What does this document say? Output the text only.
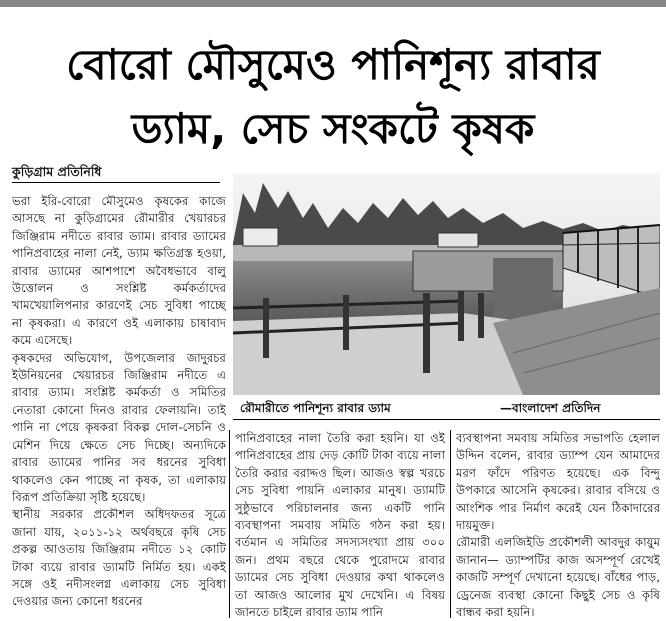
বোরো মৌসুমেও পানিশূন্য রাবার
ড্যাম, সেচ সংকটে কৃষক
কুড়িগ্রাম প্রতিনিধি

ভরা ইরি-বোরো মৌসুমেও কৃষকের কাজে আসছে না কুড়িগ্রামের রৌমারীর খেয়ারচর জিঞ্জিরাম নদীতে রাবার ড্যাম। রাবার ড্যামের পানিপ্রবাহের নালা নেই, ড্যাম ক্ষতিগ্রস্ত হওয়া, রাবার ড্যামের আশপাশে অবৈধভাবে বালু উত্তোলন ও সংশ্লিষ্ট কর্মকর্তাদের খামখেয়ালিপনার কারণেই সেচ সুবিধা পাচ্ছে না কৃষকরা। এ কারণে ওই এলাকায় চাষাবাদ কমে এসেছে।

কৃষকদের অভিযোগ, উপজেলার জাদুরচর ইউনিয়নের খেয়ারচর জিঞ্জিরাম নদীতে এ রাবার ড্যাম। সংশ্লিষ্ট কর্মকর্তা ও সমিতির নেতারা কোনো দিনও রাবার ফেলায়নি। তাই পানি না পেয়ে কৃষকরা বিকল্প দোল-সেচনি ও মেশিন দিয়ে ক্ষেতে সেচ দিচ্ছে। অন্যদিকে রাবার ড্যামের পানির সব ধরনের সুবিধা থাকলেও কেন পাচ্ছে না কৃষক, তা এলাকায় বিরূপ প্রতিক্রিয়া সৃষ্টি হয়েছে।

স্থানীয় সরকার প্রকৌশল অধিদফতর সূত্রে জানা যায়, ২০১১-১২ অর্থবছরে কৃষি সেচ প্রকল্প আওতায় জিঞ্জিরাম নদীতে ১২ কোটি টাকা ব্যয়ে রাবার ড্যামটি নির্মিত হয়। একই সঙ্গে ওই নদীসংলগ্ন এলাকায় সেচ সুবিধা দেওয়ার জন্য কোনো ধরনের

রৌমারীতে পানিশূন্য রাবার ড্যাম	—বাংলাদেশ প্রতিদিন

পানিপ্রবাহের নালা তৈরি করা হয়নি। যা ওই পানিপ্রবাহের প্রায় দেড় কোটি টাকা ব্যয়ে নালা তৈরি করার বরাদ্দও ছিল। আজও স্বল্প খরচে সেচ সুবিধা পায়নি এলাকার মানুষ। ড্যামটি সুষ্ঠুভাবে পরিচালনার জন্য একটি পানি ব্যবস্থাপনা সমবায় সমিতি গঠন করা হয়। বর্তমান এ সমিতির সদস্যসংখ্যা প্রায় ৩০০ জন। প্রথম বছরে থেকে পুরোদমে রাবার ড্যামের সেচ সুবিধা দেওয়ার কথা থাকলেও তা আজও আলোর মুখ দেখেনি। এ বিষয় জানতে চাইলে রাবার ড্যাম পানি

ব্যবস্থাপনা সমবায় সমিতির সভাপতি হেলাল উদ্দিন বলেন, রাবার ড্যাম্প যেন আমাদের মরণ ফাঁদে পরিণত হয়েছে। এক বিন্দু উপকারে আসেনি কৃষকের। রাবার বসিয়ে ও আংশিক পার নির্মাণ করেই যেন ঠিকাদারের দায়মুক্ত।

রৌমারী এলজিইডি প্রকৌশলী আবদুর কায়ুম জানান— ড্যাম্পটির কাজ অসম্পূর্ণ রেখেই কাজটি সম্পূর্ণ দেখানো হয়েছে। বাঁধের পাড়, ড্রেনেজ ব্যবস্থা কোনো কিছুই সেচ ও কৃষি বান্ধব করা হয়নি।
